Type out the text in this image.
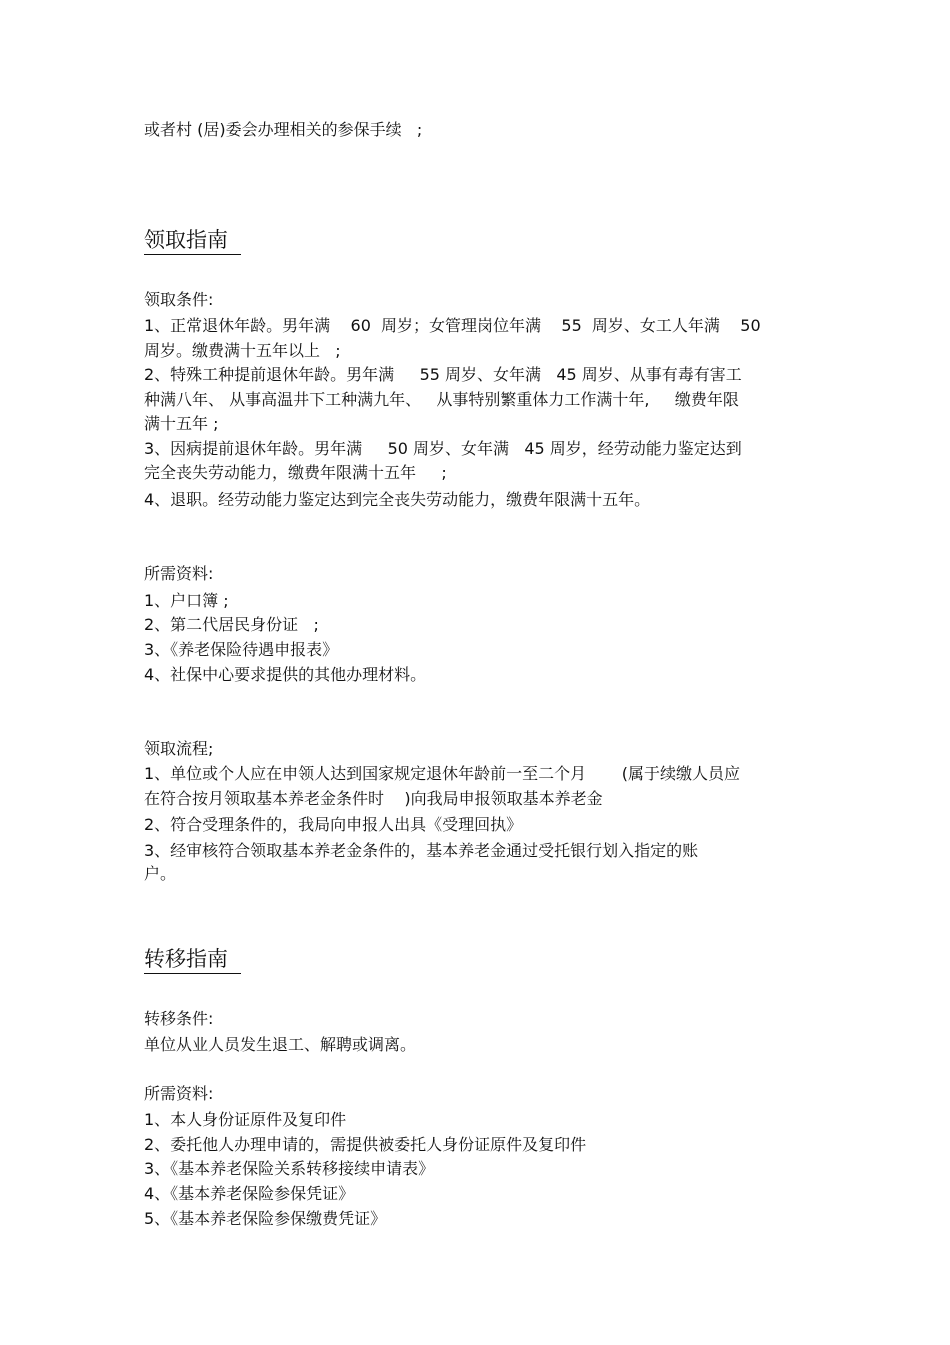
或者村 (居)委会办理相关的参保手续   ;

领取指南

领取条件:

1、正常退休年龄。男年满    60  周岁；女管理岗位年满    55  周岁、女工人年满    50

周岁。缴费满十五年以上   ;

2、特殊工种提前退休年龄。男年满     55 周岁、女年满   45 周岁、从事有毒有害工

种满八年、 从事高温井下工种满九年、   从事特别繁重体力工作满十年,     缴费年限

满十五年 ;

3、因病提前退休年龄。男年满     50 周岁、女年满   45 周岁，经劳动能力鉴定达到

完全丧失劳动能力，缴费年限满十五年     ;

4、退职。经劳动能力鉴定达到完全丧失劳动能力，缴费年限满十五年。

所需资料:

1、户口簿 ;

2、第二代居民身份证   ;

3、《养老保险待遇申报表》

4、社保中心要求提供的其他办理材料。

领取流程;

1、单位或个人应在申领人达到国家规定退休年龄前一至二个月       (属于续缴人员应

在符合按月领取基本养老金条件时    )向我局申报领取基本养老金

2、符合受理条件的，我局向申报人出具《受理回执》

3、经审核符合领取基本养老金条件的，基本养老金通过受托银行划入指定的账

户。

转移指南

转移条件:

单位从业人员发生退工、解聘或调离。

所需资料:

1、本人身份证原件及复印件

2、委托他人办理申请的，需提供被委托人身份证原件及复印件

3、《基本养老保险关系转移接续申请表》

4、《基本养老保险参保凭证》

5、《基本养老保险参保缴费凭证》
